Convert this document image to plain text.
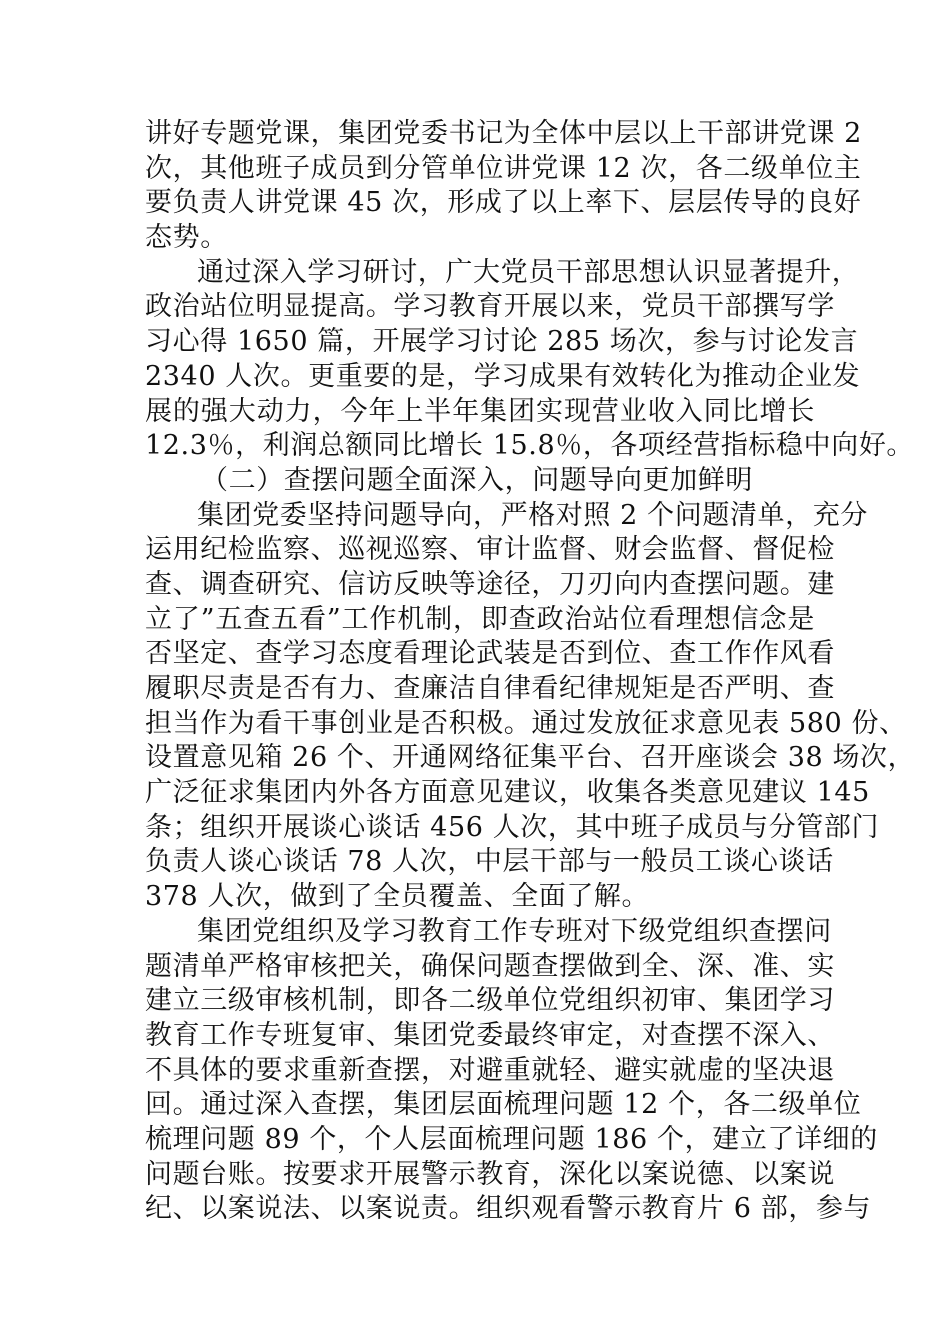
讲好专题党课，集团党委书记为全体中层以上干部讲党课 2
次，其他班子成员到分管单位讲党课 12 次，各二级单位主
要负责人讲党课 45 次，形成了以上率下、层层传导的良好
态势。
通过深入学习研讨，广大党员干部思想认识显著提升，
政治站位明显提高。学习教育开展以来，党员干部撰写学
习心得 1650 篇，开展学习讨论 285 场次，参与讨论发言
2340 人次。更重要的是，学习成果有效转化为推动企业发
展的强大动力，今年上半年集团实现营业收入同比增长
12.3％，利润总额同比增长 15.8％，各项经营指标稳中向好。
（二）查摆问题全面深入，问题导向更加鲜明
集团党委坚持问题导向，严格对照 2 个问题清单，充分
运用纪检监察、巡视巡察、审计监督、财会监督、督促检
查、调查研究、信访反映等途径，刀刃向内查摆问题。建
立了”五查五看”工作机制，即查政治站位看理想信念是
否坚定、查学习态度看理论武装是否到位、查工作作风看
履职尽责是否有力、查廉洁自律看纪律规矩是否严明、查
担当作为看干事创业是否积极。通过发放征求意见表 580 份、
设置意见箱 26 个、开通网络征集平台、召开座谈会 38 场次，
广泛征求集团内外各方面意见建议，收集各类意见建议 145
条；组织开展谈心谈话 456 人次，其中班子成员与分管部门
负责人谈心谈话 78 人次，中层干部与一般员工谈心谈话
378 人次，做到了全员覆盖、全面了解。
集团党组织及学习教育工作专班对下级党组织查摆问
题清单严格审核把关，确保问题查摆做到全、深、准、实
建立三级审核机制，即各二级单位党组织初审、集团学习
教育工作专班复审、集团党委最终审定，对查摆不深入、
不具体的要求重新查摆，对避重就轻、避实就虚的坚决退
回。通过深入查摆，集团层面梳理问题 12 个，各二级单位
梳理问题 89 个，个人层面梳理问题 186 个，建立了详细的
问题台账。按要求开展警示教育，深化以案说德、以案说
纪、以案说法、以案说责。组织观看警示教育片 6 部，参与
